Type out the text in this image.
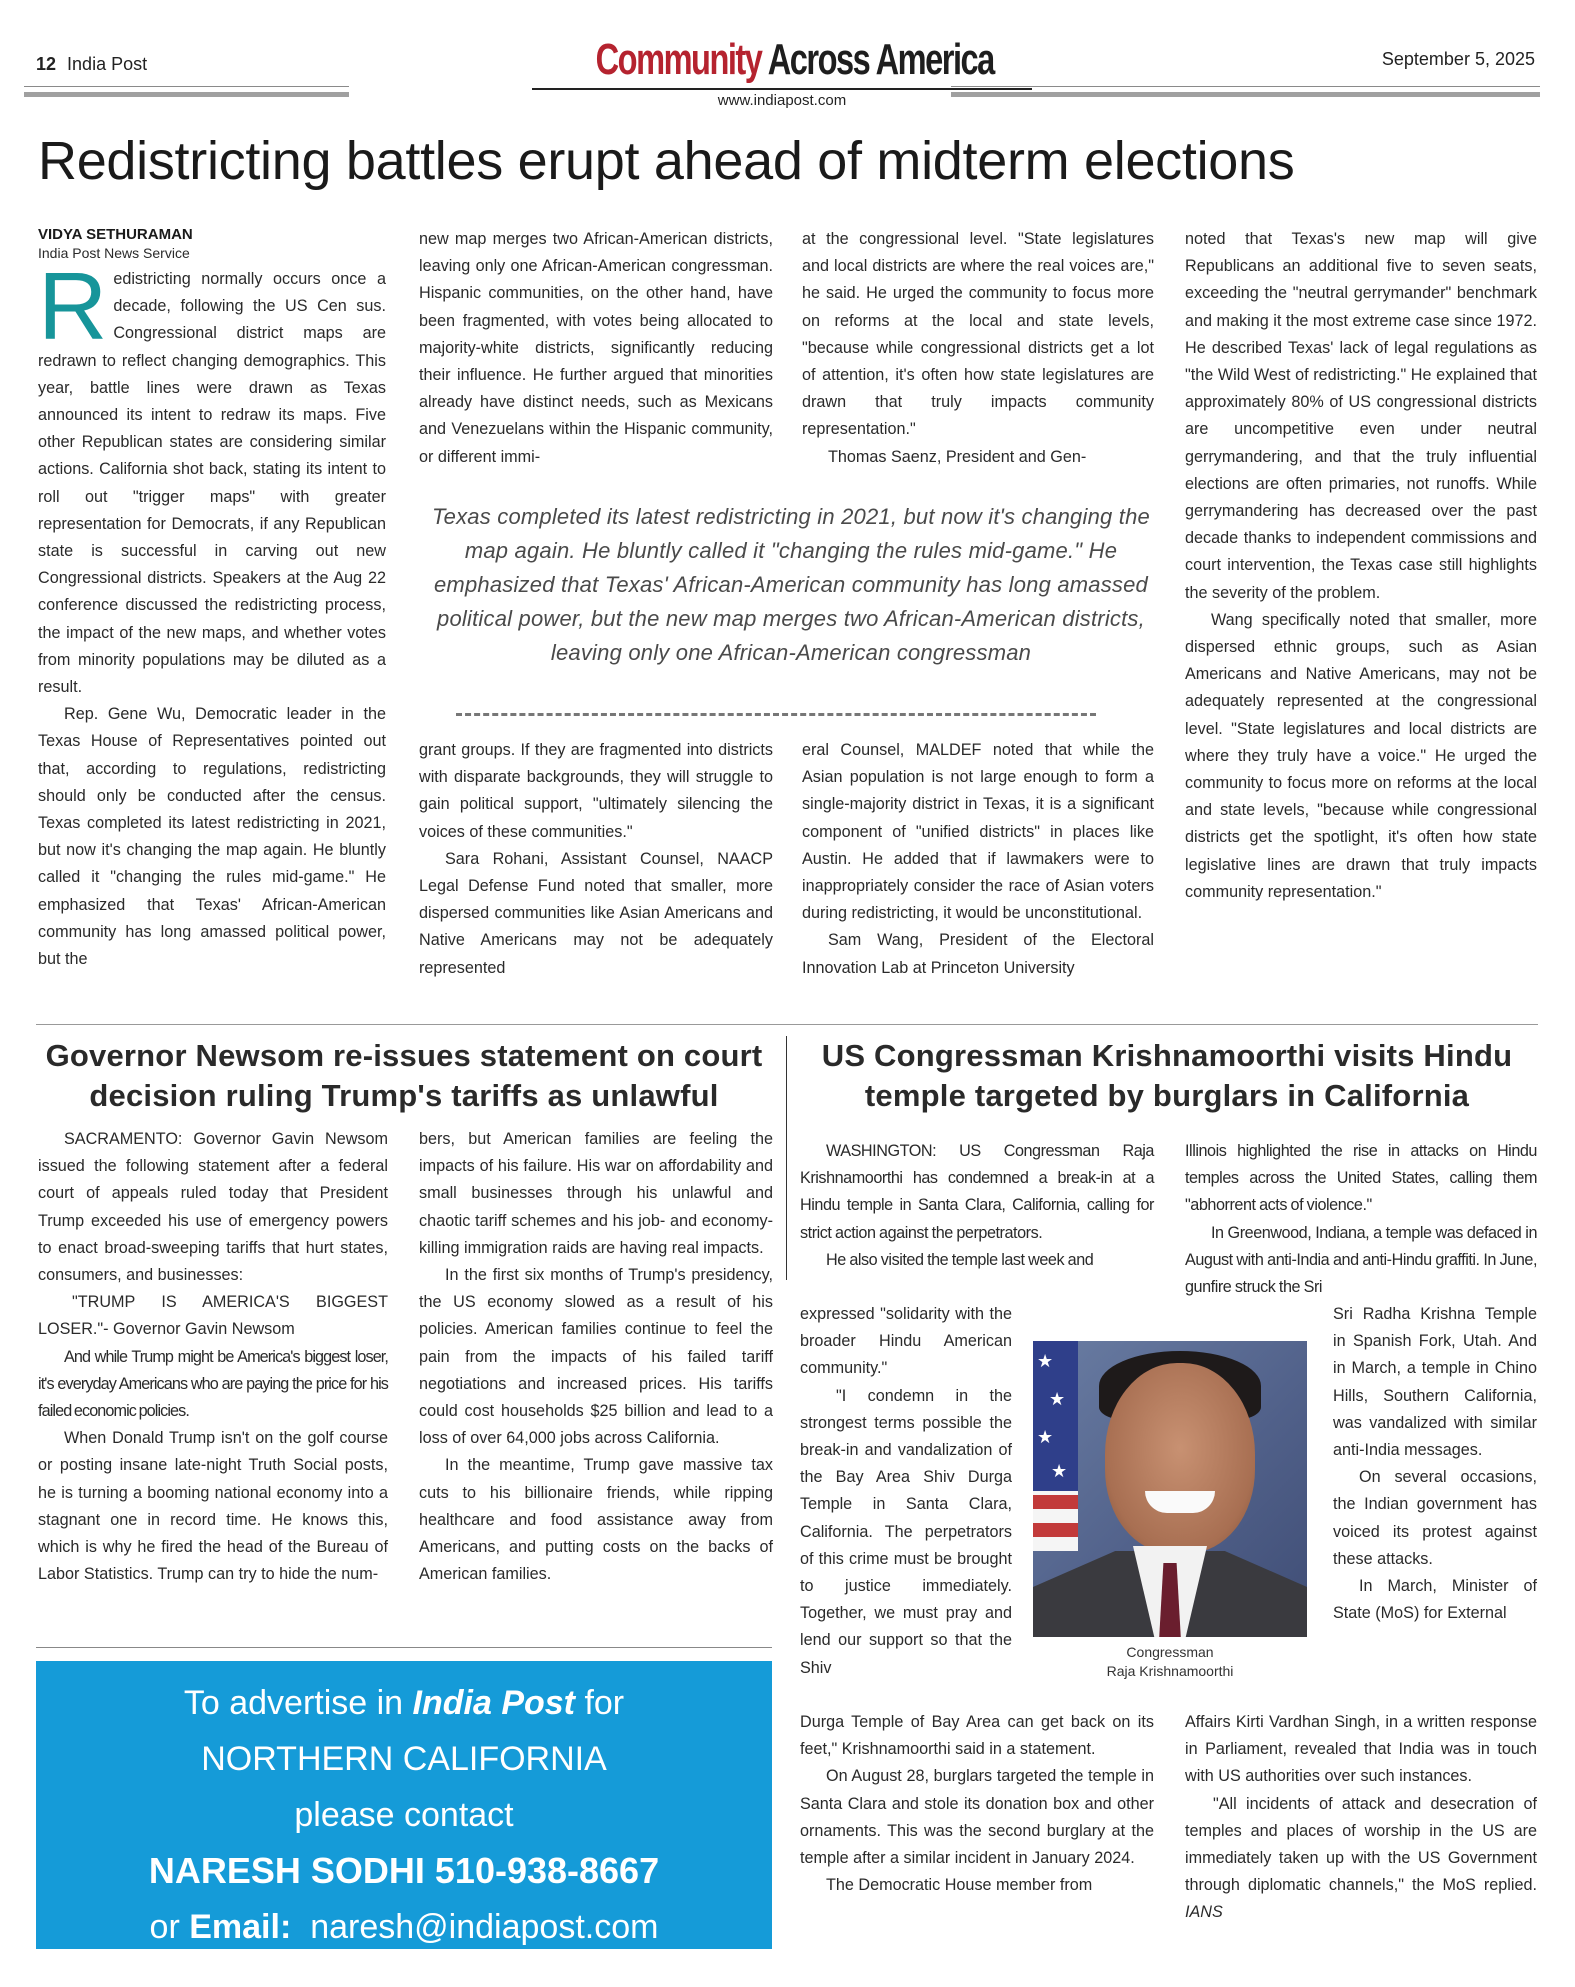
12 India Post	Community Across America
www.indiapost.com
September 5, 2025
Redistricting battles erupt ahead of midterm elections
VIDYA SETHURAMAN
India Post News Service

Redistricting normally occurs once a decade, following the US Cen sus. Congressional district maps are redrawn to reflect changing demographics. This year, battle lines were drawn as Texas announced its intent to redraw its maps. Five other Republican states are considering similar actions. California shot back, stating its intent to roll out "trigger maps" with greater representation for Democrats, if any Republican state is successful in carving out new Congressional districts. Speakers at the Aug 22 conference discussed the redistricting process, the impact of the new maps, and whether votes from minority populations may be diluted as a result.

Rep. Gene Wu, Democratic leader in the Texas House of Representatives pointed out that, according to regulations, redistricting should only be conducted after the census. Texas completed its latest redistricting in 2021, but now it's changing the map again. He bluntly called it "changing the rules mid-game." He emphasized that Texas' African-American community has long amassed political power, but the

new map merges two African-American districts, leaving only one African-American congressman. Hispanic communities, on the other hand, have been fragmented, with votes being allocated to majority-white districts, significantly reducing their influence. He further argued that minorities already have distinct needs, such as Mexicans and Venezuelans within the Hispanic community, or different immi-

at the congressional level. "State legislatures and local districts are where the real voices are," he said. He urged the community to focus more on reforms at the local and state levels, "because while congressional districts get a lot of attention, it's often how state legislatures are drawn that truly impacts community representation."

Thomas Saenz, President and Gen-

Texas completed its latest redistricting in 2021, but now it's changing the map again. He bluntly called it "changing the rules mid-game." He emphasized that Texas' African-American community has long amassed political power, but the new map merges two African-American districts, leaving only one African-American congressman

grant groups. If they are fragmented into districts with disparate backgrounds, they will struggle to gain political support, "ultimately silencing the voices of these communities."

Sara Rohani, Assistant Counsel, NAACP Legal Defense Fund noted that smaller, more dispersed communities like Asian Americans and Native Americans may not be adequately represented

eral Counsel, MALDEF noted that while the Asian population is not large enough to form a single-majority district in Texas, it is a significant component of "unified districts" in places like Austin. He added that if lawmakers were to inappropriately consider the race of Asian voters during redistricting, it would be unconstitutional.

Sam Wang, President of the Electoral Innovation Lab at Princeton University

noted that Texas's new map will give Republicans an additional five to seven seats, exceeding the "neutral gerrymander" benchmark and making it the most extreme case since 1972. He described Texas' lack of legal regulations as "the Wild West of redistricting." He explained that approximately 80% of US congressional districts are uncompetitive even under neutral gerrymandering, and that the truly influential elections are often primaries, not runoffs. While gerrymandering has decreased over the past decade thanks to independent commissions and court intervention, the Texas case still highlights the severity of the problem.

Wang specifically noted that smaller, more dispersed ethnic groups, such as Asian Americans and Native Americans, may not be adequately represented at the congressional level. "State legislatures and local districts are where they truly have a voice." He urged the community to focus more on reforms at the local and state levels, "because while congressional districts get the spotlight, it's often how state legislative lines are drawn that truly impacts community representation."

Governor Newsom re-issues statement on court decision ruling Trump's tariffs as unlawful

SACRAMENTO: Governor Gavin Newsom issued the following statement after a federal court of appeals ruled today that President Trump exceeded his use of emergency powers to enact broad-sweeping tariffs that hurt states, consumers, and businesses:

"TRUMP IS AMERICA'S BIGGEST LOSER."- Governor Gavin Newsom

And while Trump might be America's biggest loser, it's everyday Americans who are paying the price for his failed economic policies.

When Donald Trump isn't on the golf course or posting insane late-night Truth Social posts, he is turning a booming national economy into a stagnant one in record time. He knows this, which is why he fired the head of the Bureau of Labor Statistics. Trump can try to hide the num-

bers, but American families are feeling the impacts of his failure. His war on affordability and small businesses through his unlawful and chaotic tariff schemes and his job- and economy-killing immigration raids are having real impacts.

In the first six months of Trump's presidency, the US economy slowed as a result of his policies. American families continue to feel the pain from the impacts of his failed tariff negotiations and increased prices. His tariffs could cost households $25 billion and lead to a loss of over 64,000 jobs across California.

In the meantime, Trump gave massive tax cuts to his billionaire friends, while ripping healthcare and food assistance away from Americans, and putting costs on the backs of American families.

To advertise in India Post for
NORTHERN CALIFORNIA
please contact
NARESH SODHI 510-938-8667
or Email: naresh@indiapost.com
US Congressman Krishnamoorthi visits Hindu temple targeted by burglars in California

WASHINGTON: US Congressman Raja Krishnamoorthi has condemned a break-in at a Hindu temple in Santa Clara, California, calling for strict action against the perpetrators.

He also visited the temple last week and

expressed "solidarity with the broader Hindu American community."

"I condemn in the strongest terms possible the break-in and vandalization of the Bay Area Shiv Durga Temple in Santa Clara, California. The perpetrators of this crime must be brought to justice immediately. Together, we must pray and lend our support so that the Shiv

Durga Temple of Bay Area can get back on its feet," Krishnamoorthi said in a statement.

On August 28, burglars targeted the temple in Santa Clara and stole its donation box and other ornaments. This was the second burglary at the temple after a similar incident in January 2024.

The Democratic House member from

Illinois highlighted the rise in attacks on Hindu temples across the United States, calling them "abhorrent acts of violence."

In Greenwood, Indiana, a temple was defaced in August with anti-India and anti-Hindu graffiti. In June, gunfire struck the Sri

Sri Radha Krishna Temple in Spanish Fork, Utah. And in March, a temple in Chino Hills, Southern California, was vandalized with similar anti-India messages.

On several occasions, the Indian government has voiced its protest against these attacks.

In March, Minister of State (MoS) for External

Affairs Kirti Vardhan Singh, in a written response in Parliament, revealed that India was in touch with US authorities over such instances.

"All incidents of attack and desecration of temples and places of worship in the US are immediately taken up with the US Government through diplomatic channels," the MoS replied. IANS

★
★
★
★
Congressman
Raja Krishnamoorthi
